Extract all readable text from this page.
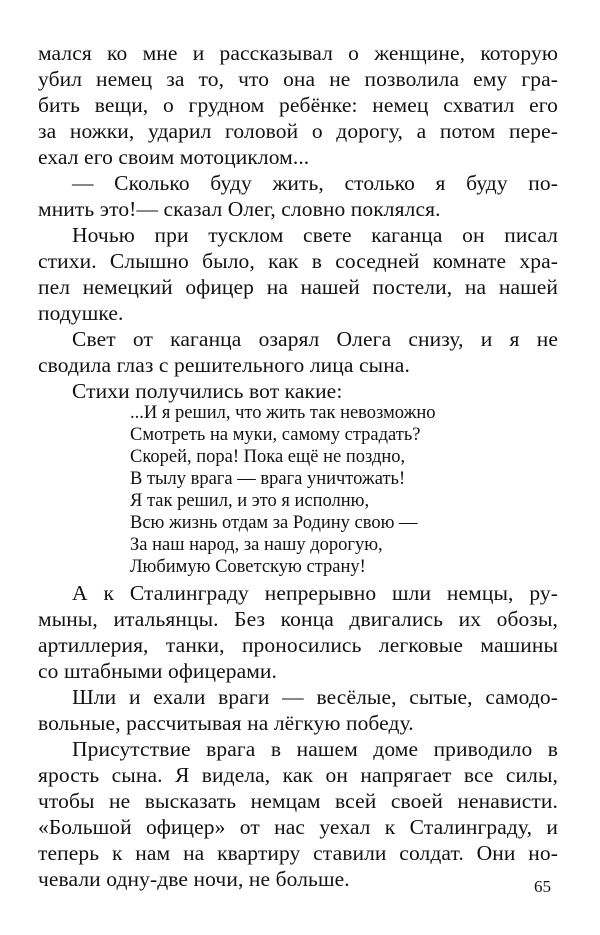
мался ко мне и рассказывал о женщине, которую
убил немец за то, что она не позволила ему гра-
бить вещи, о грудном ребёнке: немец схватил его
за ножки, ударил головой о дорогу, а потом пере-
ехал его своим мотоциклом...
— Сколько буду жить, столько я буду по-
мнить это!— сказал Олег, словно поклялся.
Ночью при тусклом свете каганца он писал
стихи. Слышно было, как в соседней комнате хра-
пел немецкий офицер на нашей постели, на нашей
подушке.
Свет от каганца озарял Олега снизу, и я не
сводила глаз с решительного лица сына.
Стихи получились вот какие:
...И я решил, что жить так невозможно
Смотреть на муки, самому страдать?
Скорей, пора! Пока ещё не поздно,
В тылу врага — врага уничтожать!
Я так решил, и это я исполню,
Всю жизнь отдам за Родину свою —
За наш народ, за нашу дорогую,
Любимую Советскую страну!
А к Сталинграду непрерывно шли немцы, ру-
мыны, итальянцы. Без конца двигались их обозы,
артиллерия, танки, проносились легковые машины
со штабными офицерами.
Шли и ехали враги — весёлые, сытые, самодо-
вольные, рассчитывая на лёгкую победу.
Присутствие врага в нашем доме приводило в
ярость сына. Я видела, как он напрягает все силы,
чтобы не высказать немцам всей своей ненависти.
«Большой офицер» от нас уехал к Сталинграду, и
теперь к нам на квартиру ставили солдат. Они но-
чевали одну-две ночи, не больше.	65
